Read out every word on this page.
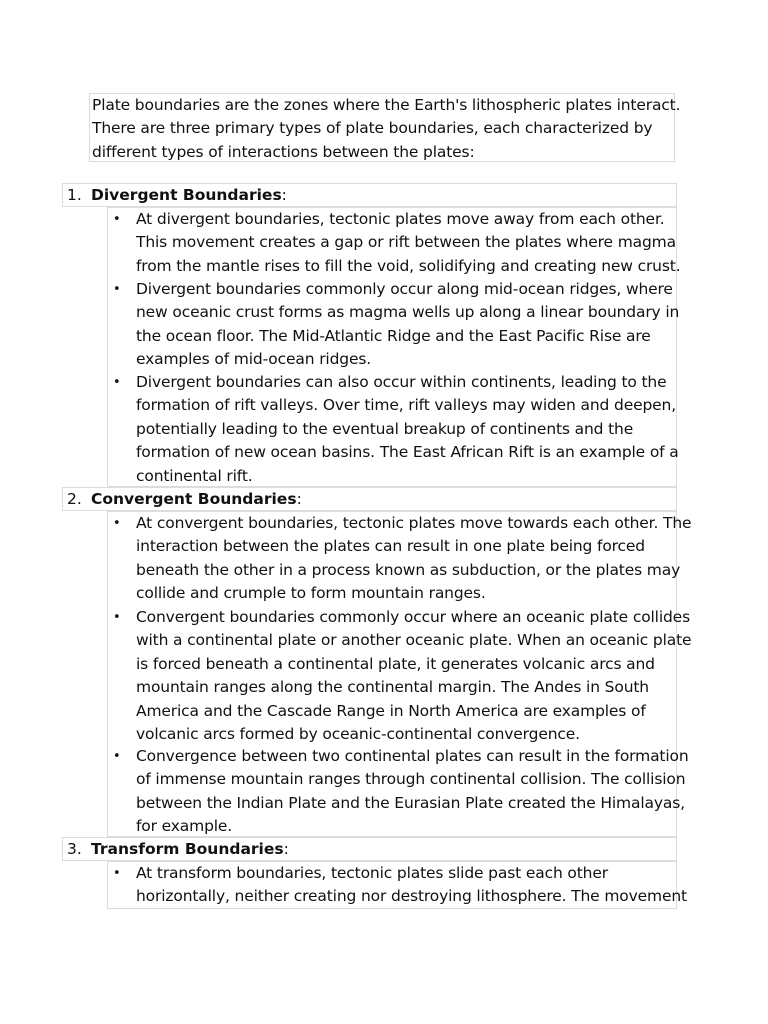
Plate boundaries are the zones where the Earth's lithospheric plates interact.
There are three primary types of plate boundaries, each characterized by
different types of interactions between the plates:
1. Divergent Boundaries:
• At divergent boundaries, tectonic plates move away from each other.
This movement creates a gap or rift between the plates where magma
from the mantle rises to fill the void, solidifying and creating new crust.
• Divergent boundaries commonly occur along mid-ocean ridges, where
new oceanic crust forms as magma wells up along a linear boundary in
the ocean floor. The Mid-Atlantic Ridge and the East Pacific Rise are
examples of mid-ocean ridges.
• Divergent boundaries can also occur within continents, leading to the
formation of rift valleys. Over time, rift valleys may widen and deepen,
potentially leading to the eventual breakup of continents and the
formation of new ocean basins. The East African Rift is an example of a
continental rift.
2. Convergent Boundaries:
• At convergent boundaries, tectonic plates move towards each other. The
interaction between the plates can result in one plate being forced
beneath the other in a process known as subduction, or the plates may
collide and crumple to form mountain ranges.
• Convergent boundaries commonly occur where an oceanic plate collides
with a continental plate or another oceanic plate. When an oceanic plate
is forced beneath a continental plate, it generates volcanic arcs and
mountain ranges along the continental margin. The Andes in South
America and the Cascade Range in North America are examples of
volcanic arcs formed by oceanic-continental convergence.
• Convergence between two continental plates can result in the formation
of immense mountain ranges through continental collision. The collision
between the Indian Plate and the Eurasian Plate created the Himalayas,
for example.
3. Transform Boundaries:
• At transform boundaries, tectonic plates slide past each other
horizontally, neither creating nor destroying lithosphere. The movement
